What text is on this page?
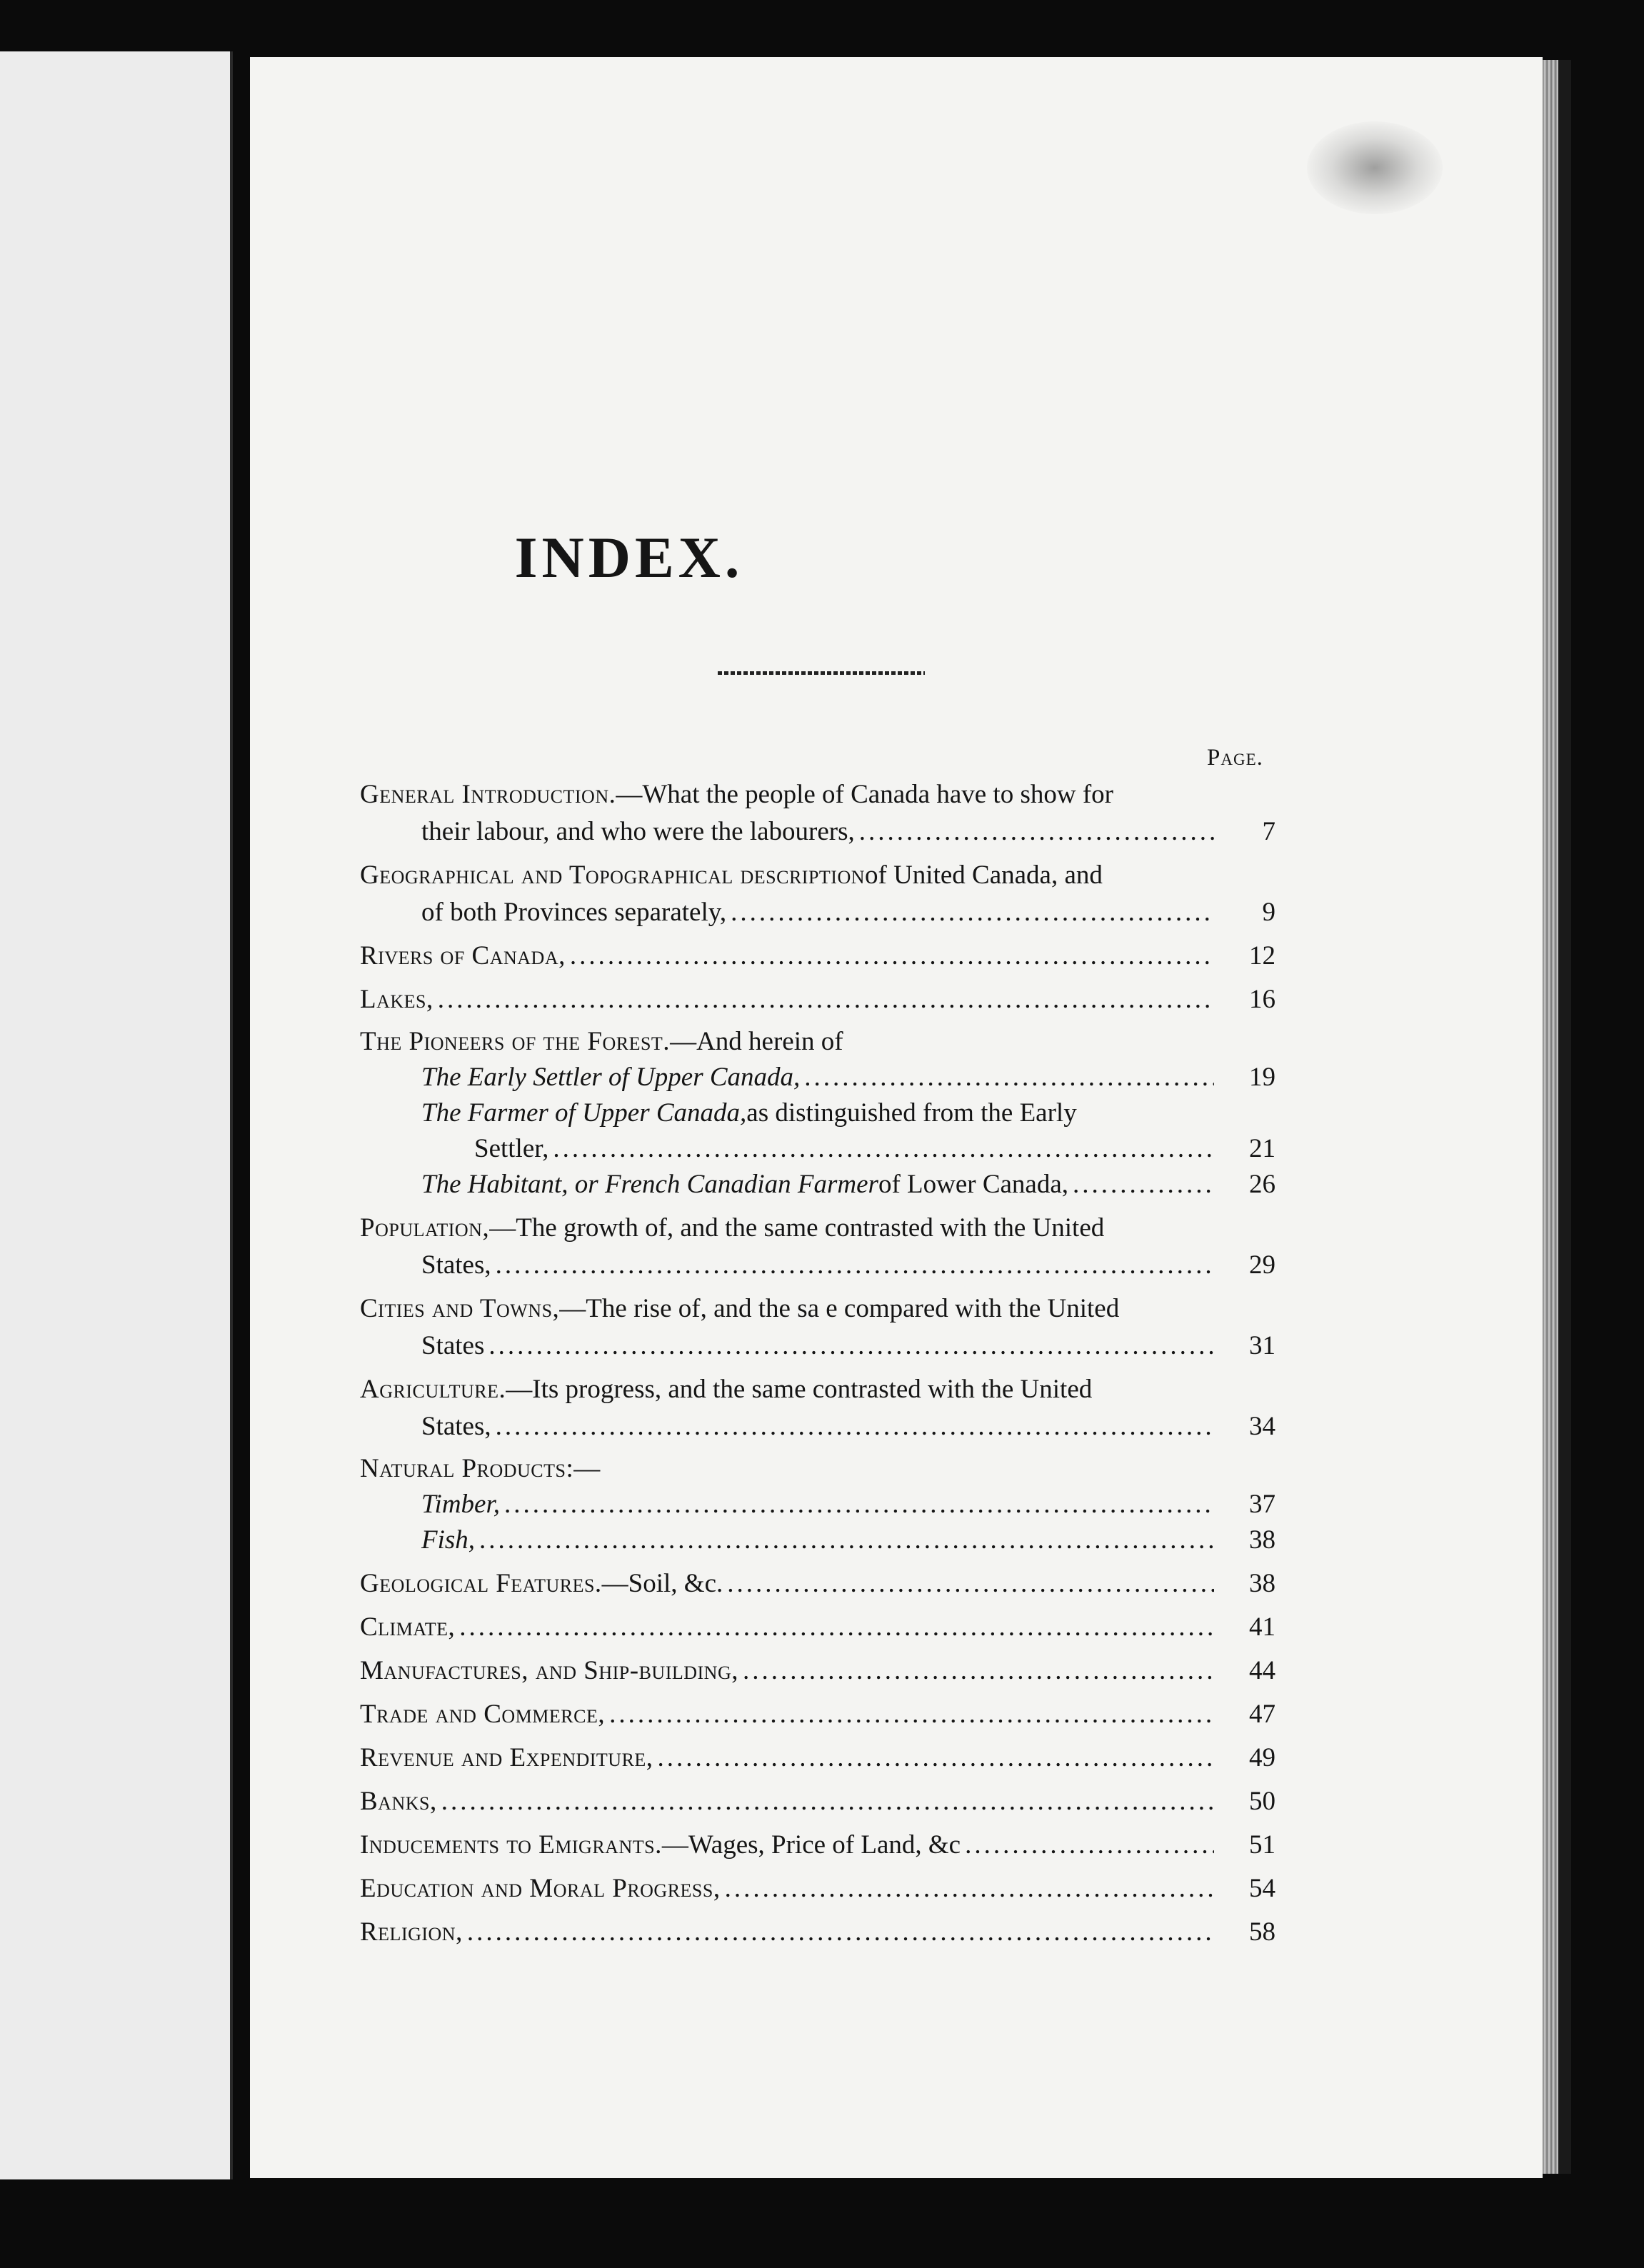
INDEX.
Page.
General Introduction. —What the people of Canada have to show for
their labour, and who were the labourers, .....	7
Geographical and Topographical description of United Canada, and
of both Provinces separately, .....	9
Rivers of Canada, .....	12
Lakes, .....	16
The Pioneers of the Forest. —And herein of
The Early Settler of Upper Canada, .....	19
The Farmer of Upper Canada, as distinguished from the Early
Settler, .....	21
The Habitant, or French Canadian Farmer of Lower Canada, .....	26
Population, —The growth of, and the same contrasted with the United
States, .....	29
Cities and Towns, —The rise of, and the sa e compared with the United
States .....	31
Agriculture. —Its progress, and the same contrasted with the United
States, .....	34
Natural Products:—
Timber, .....	37
Fish, .....	38
Geological Features. —Soil, &c. .....	38
Climate, .....	41
Manufactures, and Ship-building, .....	44
Trade and Commerce, .....	47
Revenue and Expenditure, .....	49
Banks, .....	50
Inducements to Emigrants. —Wages, Price of Land, &c .....	51
Education and Moral Progress, .....	54
Religion, .....	58
